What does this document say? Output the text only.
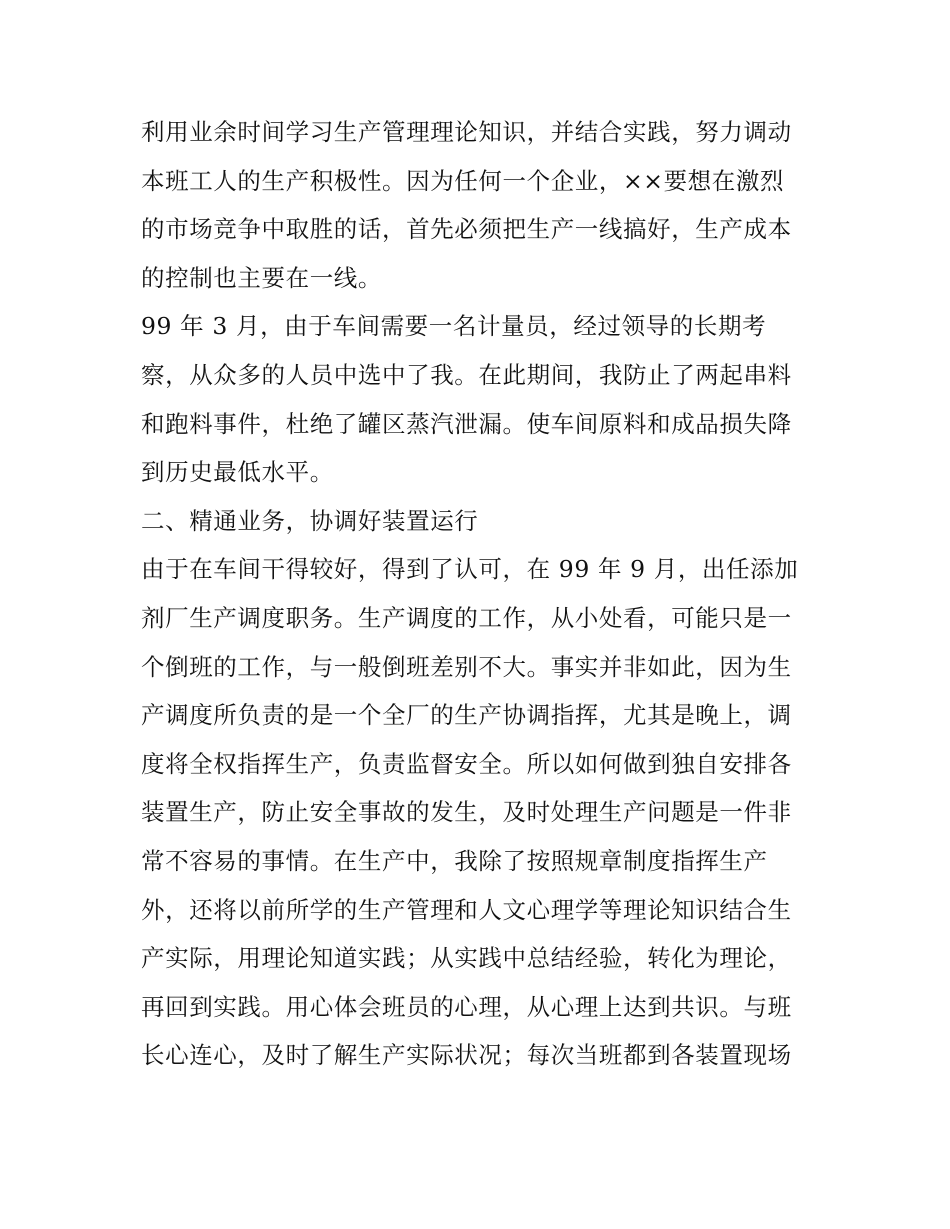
利用业余时间学习生产管理理论知识，并结合实践，努力调动
本班工人的生产积极性。因为任何一个企业，××要想在激烈
的市场竞争中取胜的话，首先必须把生产一线搞好，生产成本
的控制也主要在一线。
99 年 3 月，由于车间需要一名计量员，经过领导的长期考
察，从众多的人员中选中了我。在此期间，我防止了两起串料
和跑料事件，杜绝了罐区蒸汽泄漏。使车间原料和成品损失降
到历史最低水平。
二、精通业务，协调好装置运行
由于在车间干得较好，得到了认可，在 99 年 9 月，出任添加
剂厂生产调度职务。生产调度的工作，从小处看，可能只是一
个倒班的工作，与一般倒班差别不大。事实并非如此，因为生
产调度所负责的是一个全厂的生产协调指挥，尤其是晚上，调
度将全权指挥生产，负责监督安全。所以如何做到独自安排各
装置生产，防止安全事故的发生，及时处理生产问题是一件非
常不容易的事情。在生产中，我除了按照规章制度指挥生产
外，还将以前所学的生产管理和人文心理学等理论知识结合生
产实际，用理论知道实践；从实践中总结经验，转化为理论，
再回到实践。用心体会班员的心理，从心理上达到共识。与班
长心连心，及时了解生产实际状况；每次当班都到各装置现场
